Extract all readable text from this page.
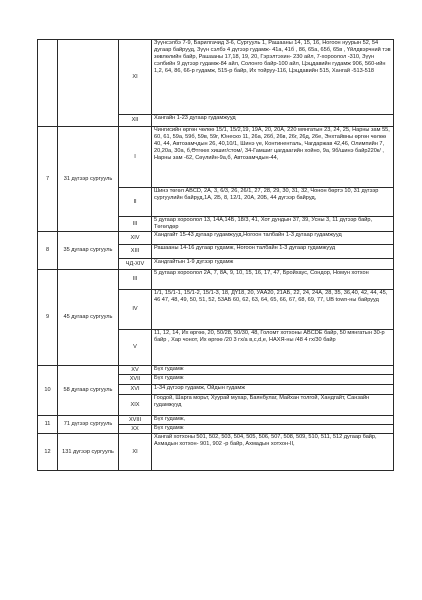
		XI	Зүүнсэлбэ 7-9, Барилгачид 3-6, Сургууль 1, Рашааны 14, 15, 16, Ногоон нуурын 52, 54 дугаар байрууд, Зүүн сэлбэ 4 дүгээр гудамж- 41а, 41б , 86, 65а, 65б, 65в , Үйлдвэрчний тэв зөвлөлийн байр, Рашааны 17,18, 19, 20, Гэрэлтэхин- 230 айл, 7-хороолол -310, Зүүн сэлбийн 9 дүгээр гудамж-84 айл, Солонго байр-100 айл, Цэцдавийн гудамж 906, 560-ийн 1,2, 64, 86, 66-р гудамж, 515-р байр, Их тойруу-116, Цэцдавийн 515, Хангай -513-518
		XII	Хангайн 1-23 дугаар гудамжууд
7	31 дүгээр сургууль	I	Чингисийн өргөн чөлөө 15/1, 15/2,19, 19А, 20, 20А, 220 мянгатын 23, 24, 25, Нарны зам 55, 60, 61, 59а, 59б, 59в, 59г, Юнеско 11, 26а, 26б, 26в, 26г, 26д, 26е, Энхтайвны өргөн чөлөө 40, 44, Автозамчдын 26, 40,10/1, Шинэ үе, Континенталь, Чагдаржав 42,46, Олимпийн 7, 20,20а, 30а, б,Өтгөөх хишиг/стом/, 34-Гамшиг цагдаагийн хойно, 9а, 9б/шинэ байр220к/ , Нарны зам -62, Сөүлийн-9а,б, Автозамчдын-44,
		II	Шинэ төгөл ABCD, 2А, 3, 6/3, 26, 26/1, 27, 28, 29, 30, 31, 32, Чонон бөртэ 10, 31 дүгээр сургуулийн байруд,1А, 2Б, 8, 12/1, 20А, 20Б, 44 дүгээр байруд,
		III	5 дугаар хороолол 13, 14А,14Б, 18/3, 41, Хот дундын 37, 39, Усны 3, 11 дүгээр байр, Төгөлдөр
8	35 дугаар сургууль	XIV	Хандгайт 15-43 дугаар гудамжууд,Ногоон талбайн 1-3 дугаар гудамжууд
		XIII	Рашааны 14-16 дугаар гудамж, Ногоон талбайн 1-3 дугаар гудамжууд
		ЧД-XIV	Хандгайтын 1-9 дүгээр гудамж
9	45 дугаар сургууль	III	5 дугаар хороолол 2А, 7, 8А, 9, 10, 15, 16, 17, 47, Бройхаус, Сондор, Номун хотхон
		IV	1/1, 15/1-1, 15/1-2, 15/1-3, 18, ДҮ18, 20, УАА20, 21АБ, 22, 24, 24А, 28, 35, 36,40, 42, 44, 45, 46 47, 48, 49, 50, 51, 52, 53АБ 60, 62, 63, 64, 65, 66, 67, 68, 69, 77, UB town-ны байрууд
		V	11, 12, 14, Их өргөө, 20, 50/28, 50/30, 48, Голомт хотхоны ABCDE байр, 50 мянгатын 30-р байр , Хар чонот, Их өргөө /20 3 гх/а в,с,d,е, НАХЯ-ны /48 4 гх/30 байр
10	58 дугаар сургууль	XV	Бүх гудамж
		XVII	Бүх гудамж
		XVI	1-34 дүгээр гудамж, Ойдын гудамж
		XIX	Гоодой, Шарга морьт, Хуурай мухар, Баянбулаг, Майхан толгой, Хандгайт, Санзайн гудамжууд
11	71 дүгээр сургууль	XVIII	Бүх гудамж,
		XX	Бүх гудамж
12	131 дүгээр сургууль	XI	Хангай хотхоны 501, 502, 503, 504, 505, 506, 507, 508, 509, 510, 511, 512 дугаар байр, Ахмадын хотхон- 901, 902 -р байр, Ахмадын хотхон-II,
